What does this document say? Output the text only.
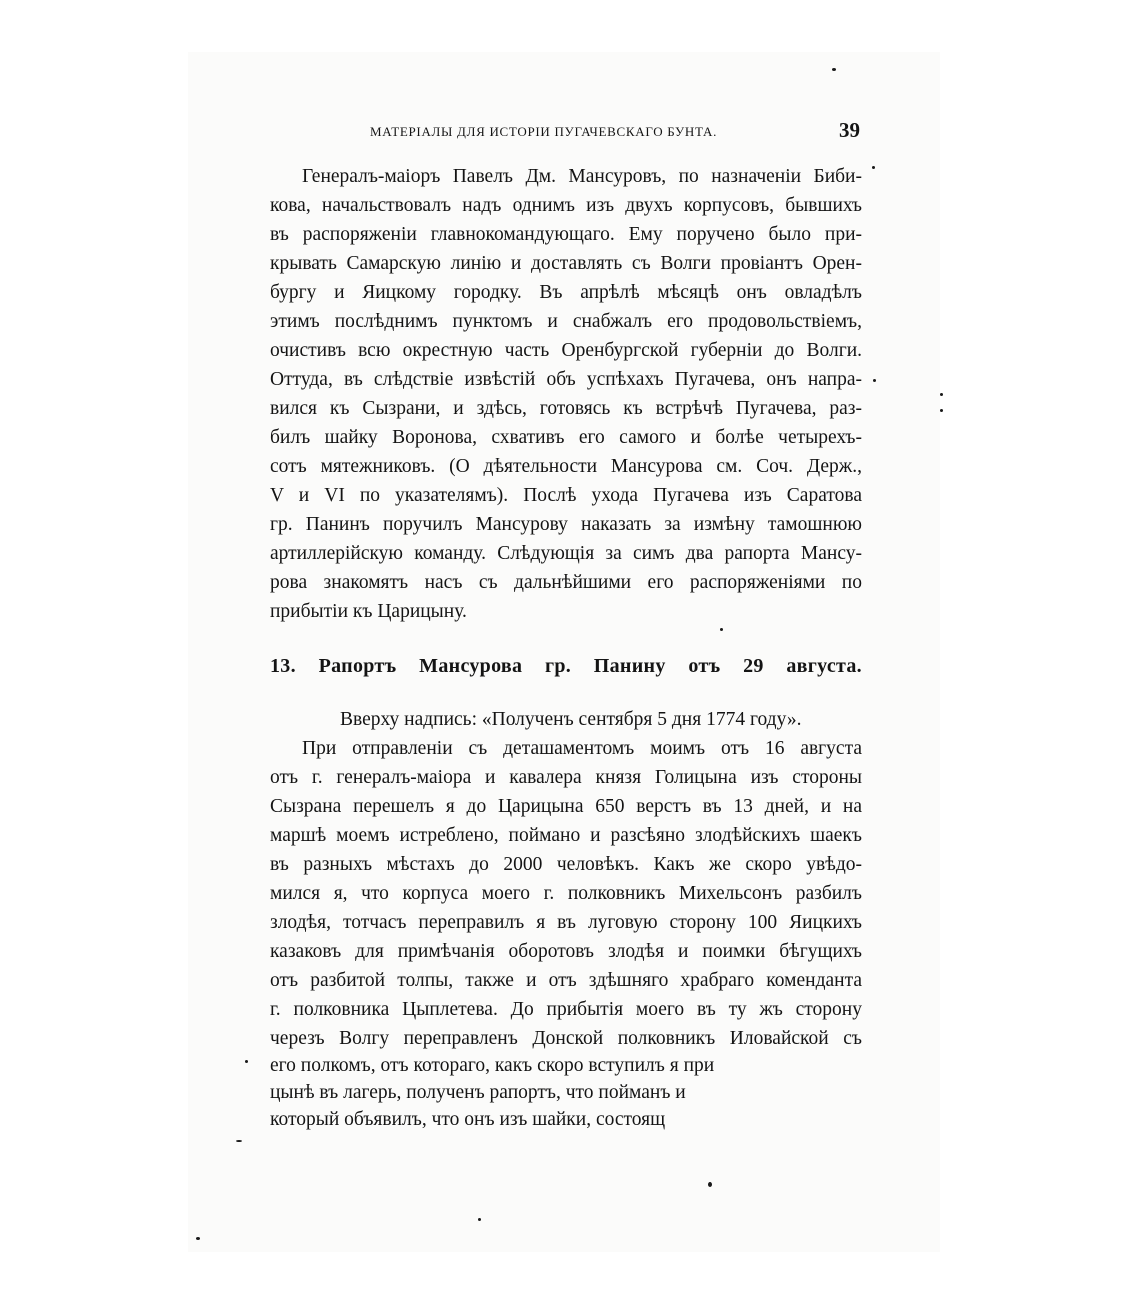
МАТЕРІАЛЫ ДЛЯ ИСТОРІИ ПУГАЧЕВСКАГО БУНТА.	39
Генералъ-маіоръ Павелъ Дм. Мансуровъ, по назначеніи Биби-
кова, начальствовалъ надъ однимъ изъ двухъ корпусовъ, бывшихъ
въ распоряженіи главнокомандующаго. Ему поручено было при-
крывать Самарскую линію и доставлять съ Волги провіантъ Орен-
бургу и Яицкому городку. Въ апрѣлѣ мѣсяцѣ онъ овладѣлъ
этимъ послѣднимъ пунктомъ и снабжалъ его продовольствіемъ,
очистивъ всю окрестную часть Оренбургской губерніи до Волги.
Оттуда, въ слѣдствіе извѣстій объ успѣхахъ Пугачева, онъ напра-
вился къ Сызрани, и здѣсь, готовясь къ встрѣчѣ Пугачева, раз-
билъ шайку Воронова, схвативъ его самого и болѣе четырехъ-
сотъ мятежниковъ. (О дѣятельности Мансурова см. Соч. Держ.,
V и VI по указателямъ). Послѣ ухода Пугачева изъ Саратова
гр. Панинъ поручилъ Мансурову наказать за измѣну тамошнюю
артиллерійскую команду. Слѣдующія за симъ два рапорта Мансу-
рова знакомятъ насъ съ дальнѣйшими его распоряженіями по
прибытіи къ Царицыну.
13. Рапортъ Мансурова гр. Панину отъ 29 августа.
Вверху надпись: «Полученъ сентября 5 дня 1774 году».
При отправленіи съ деташаментомъ моимъ отъ 16 августа
отъ г. генералъ-маіора и кавалера князя Голицына изъ стороны
Сызрана перешелъ я до Царицына 650 верстъ въ 13 дней, и на
маршѣ моемъ истреблено, поймано и разсѣяно злодѣйскихъ шаекъ
въ разныхъ мѣстахъ до 2000 человѣкъ. Какъ же скоро увѣдо-
мился я, что корпуса моего г. полковникъ Михельсонъ разбилъ
злодѣя, тотчасъ переправилъ я въ луговую сторону 100 Яицкихъ
казаковъ для примѣчанія оборотовъ злодѣя и поимки бѣгущихъ
отъ разбитой толпы, также и отъ здѣшняго храбраго коменданта
г. полковника Цыплетева. До прибытія моего въ ту жъ сторону
черезъ Волгу переправленъ Донской полковникъ Иловайской съ
его полкомъ, отъ котораго, какъ скоро вступилъ я при
цынѣ въ лагерь, полученъ рапортъ, что пойманъ и
который объявилъ, что онъ изъ шайки, состоящ
